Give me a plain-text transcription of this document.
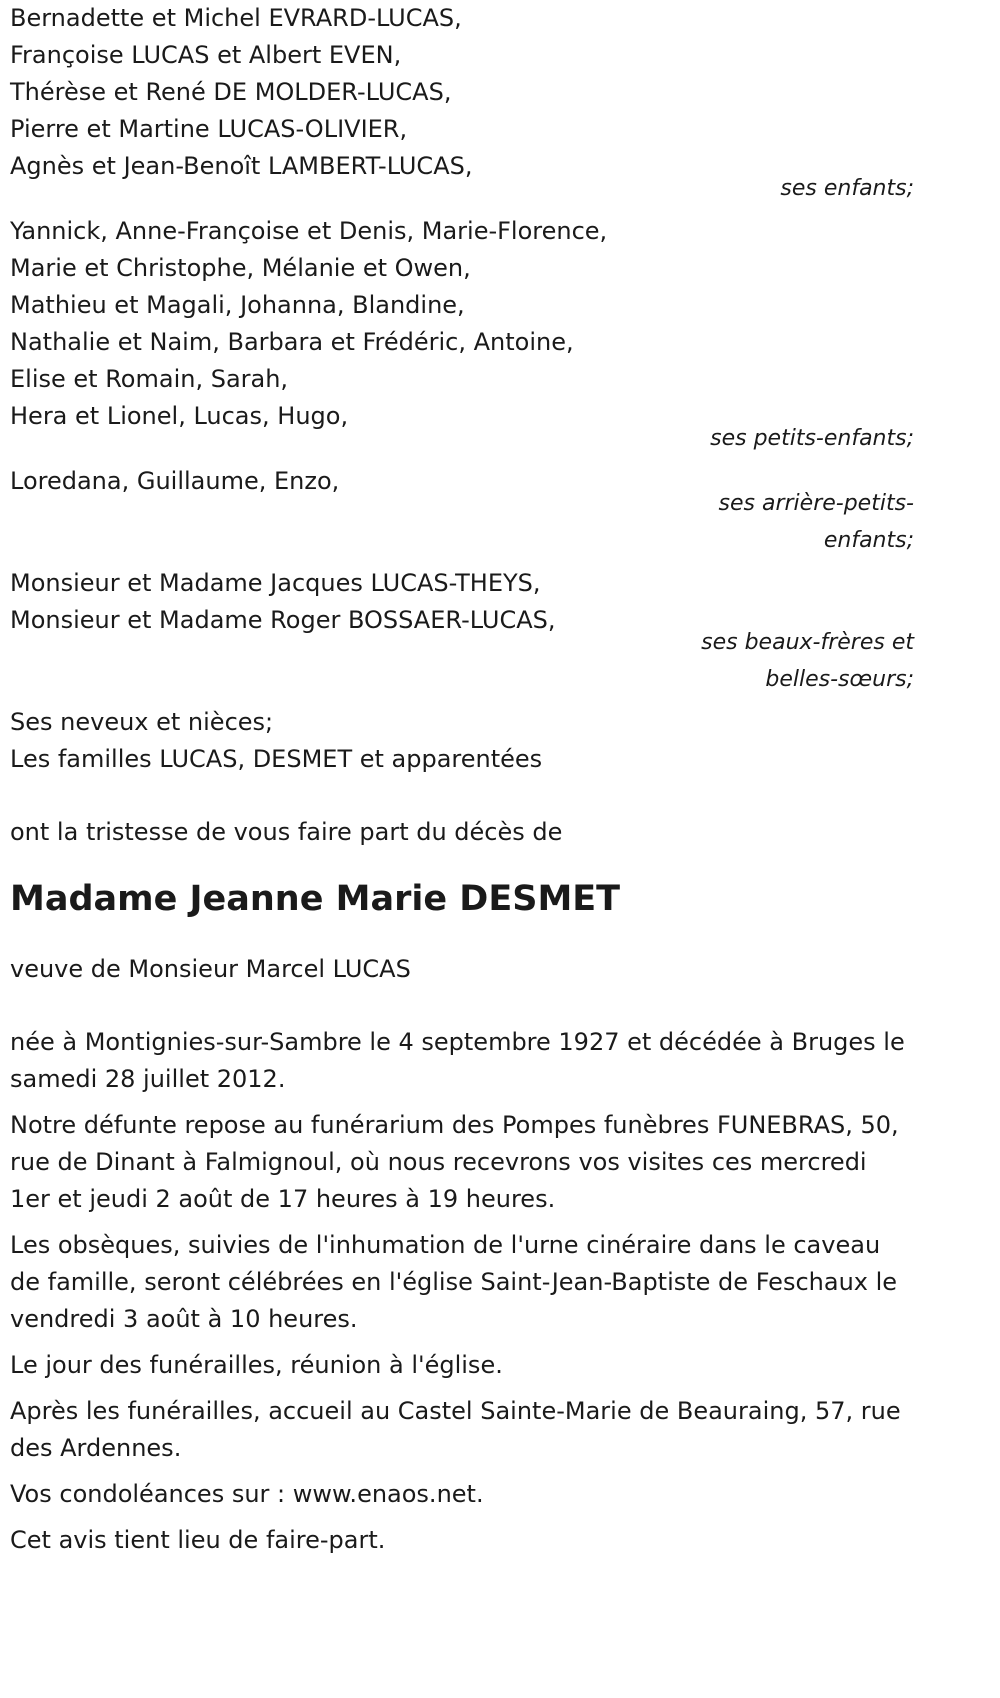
Bernadette et Michel EVRARD-LUCAS,
Françoise LUCAS et Albert EVEN,
Thérèse et René DE MOLDER-LUCAS,
Pierre et Martine LUCAS-OLIVIER,
Agnès et Jean-Benoît LAMBERT-LUCAS,
ses enfants;
Yannick, Anne-Françoise et Denis, Marie-Florence,
Marie et Christophe, Mélanie et Owen,
Mathieu et Magali, Johanna, Blandine,
Nathalie et Naim, Barbara et Frédéric, Antoine,
Elise et Romain, Sarah,
Hera et Lionel, Lucas, Hugo,
ses petits-enfants;
Loredana, Guillaume, Enzo,
ses arrière-petits-
enfants;
Monsieur et Madame Jacques LUCAS-THEYS,
Monsieur et Madame Roger BOSSAER-LUCAS,
ses beaux-frères et
belles-sœurs;
Ses neveux et nièces;
Les familles LUCAS, DESMET et apparentées
ont la tristesse de vous faire part du décès de
Madame Jeanne Marie DESMET
veuve de Monsieur Marcel LUCAS
née à Montignies-sur-Sambre le 4 septembre 1927 et décédée à Bruges le samedi 28 juillet 2012.
Notre défunte repose au funérarium des Pompes funèbres FUNEBRAS, 50, rue de Dinant à Falmignoul, où nous recevrons vos visites ces mercredi 1er et jeudi 2 août de 17 heures à 19 heures.
Les obsèques, suivies de l'inhumation de l'urne cinéraire dans le caveau de famille, seront célébrées en l'église Saint-Jean-Baptiste de Feschaux le vendredi 3 août à 10 heures.
Le jour des funérailles, réunion à l'église.
Après les funérailles, accueil au Castel Sainte-Marie de Beauraing, 57, rue des Ardennes.
Vos condoléances sur : www.enaos.net.
Cet avis tient lieu de faire-part.
